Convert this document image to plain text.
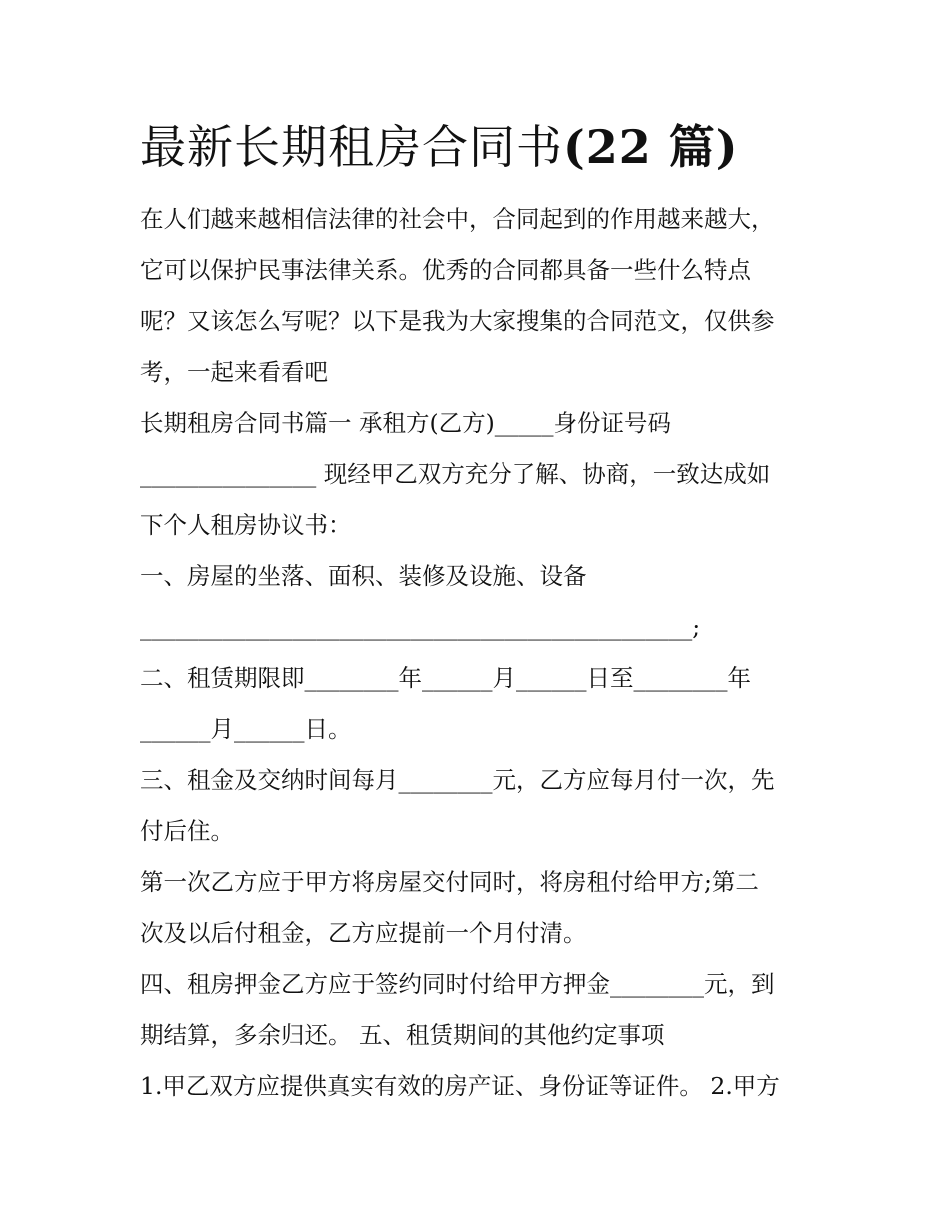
最新长期租房合同书(22 篇)
在人们越来越相信法律的社会中，合同起到的作用越来越大，
它可以保护民事法律关系。优秀的合同都具备一些什么特点
呢？又该怎么写呢？以下是我为大家搜集的合同范文，仅供参
考，一起来看看吧
长期租房合同书篇一 承租方(乙方)_____身份证号码
_______________ 现经甲乙双方充分了解、协商，一致达成如
下个人租房协议书：
一、房屋的坐落、面积、装修及设施、设备
_______________________________________________;
二、租赁期限即________年______月______日至________年
______月______日。
三、租金及交纳时间每月________元，乙方应每月付一次，先
付后住。
第一次乙方应于甲方将房屋交付同时，将房租付给甲方;第二
次及以后付租金，乙方应提前一个月付清。
四、租房押金乙方应于签约同时付给甲方押金________元，到
期结算，多余归还。 五、租赁期间的其他约定事项
1.甲乙双方应提供真实有效的房产证、身份证等证件。 2.甲方
